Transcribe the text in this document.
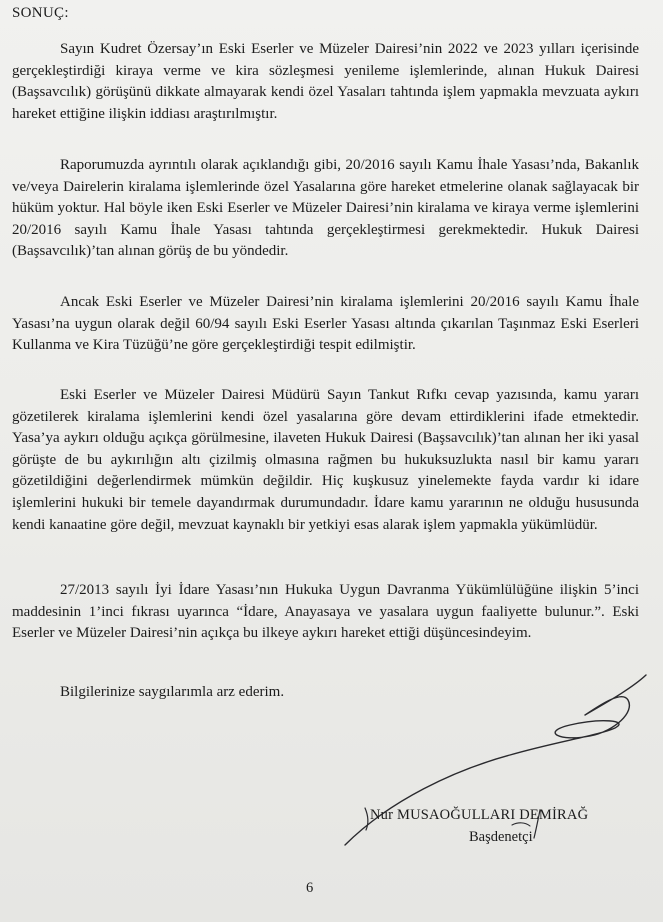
SONUÇ:

Sayın Kudret Özersay’ın Eski Eserler ve Müzeler Dairesi’nin 2022 ve 2023 yılları içerisinde gerçekleştirdiği kiraya verme ve kira sözleşmesi yenileme işlemlerinde, alınan Hukuk Dairesi (Başsavcılık) görüşünü dikkate almayarak kendi özel Yasaları tahtında işlem yapmakla mevzuata aykırı hareket ettiğine ilişkin iddiası araştırılmıştır.

Raporumuzda ayrıntılı olarak açıklandığı gibi, 20/2016 sayılı Kamu İhale Yasası’nda, Bakanlık ve/veya Dairelerin kiralama işlemlerinde özel Yasalarına göre hareket etmelerine olanak sağlayacak bir hüküm yoktur. Hal böyle iken Eski Eserler ve Müzeler Dairesi’nin kiralama ve kiraya verme işlemlerini 20/2016 sayılı Kamu İhale Yasası tahtında gerçekleştirmesi gerekmektedir. Hukuk Dairesi (Başsavcılık)’tan alınan görüş de bu yöndedir.

Ancak Eski Eserler ve Müzeler Dairesi’nin kiralama işlemlerini 20/2016 sayılı Kamu İhale Yasası’na uygun olarak değil 60/94 sayılı Eski Eserler Yasası altında çıkarılan Taşınmaz Eski Eserleri Kullanma ve Kira Tüzüğü’ne göre gerçekleştirdiği tespit edilmiştir.

Eski Eserler ve Müzeler Dairesi Müdürü Sayın Tankut Rıfkı cevap yazısında, kamu yararı gözetilerek kiralama işlemlerini kendi özel yasalarına göre devam ettirdiklerini ifade etmektedir. Yasa’ya aykırı olduğu açıkça görülmesine, ilaveten Hukuk Dairesi (Başsavcılık)’tan alınan her iki yasal görüşte de bu aykırılığın altı çizilmiş olmasına rağmen bu hukuksuzlukta nasıl bir kamu yararı gözetildiğini değerlendirmek mümkün değildir. Hiç kuşkusuz yinelemekte fayda vardır ki idare işlemlerini hukuki bir temele dayandırmak durumundadır. İdare kamu yararının ne olduğu hususunda kendi kanaatine göre değil, mevzuat kaynaklı bir yetkiyi esas alarak işlem yapmakla yükümlüdür.

27/2013 sayılı İyi İdare Yasası’nın Hukuka Uygun Davranma Yükümlülüğüne ilişkin 5’inci maddesinin 1’inci fıkrası uyarınca “İdare, Anayasaya ve yasalara uygun faaliyette bulunur.”. Eski Eserler ve Müzeler Dairesi’nin açıkça bu ilkeye aykırı hareket ettiği düşüncesindeyim.

Bilgilerinize saygılarımla arz ederim.
Nur MUSAOĞULLARI DEMİRAĞ
Başdenetçi
6
